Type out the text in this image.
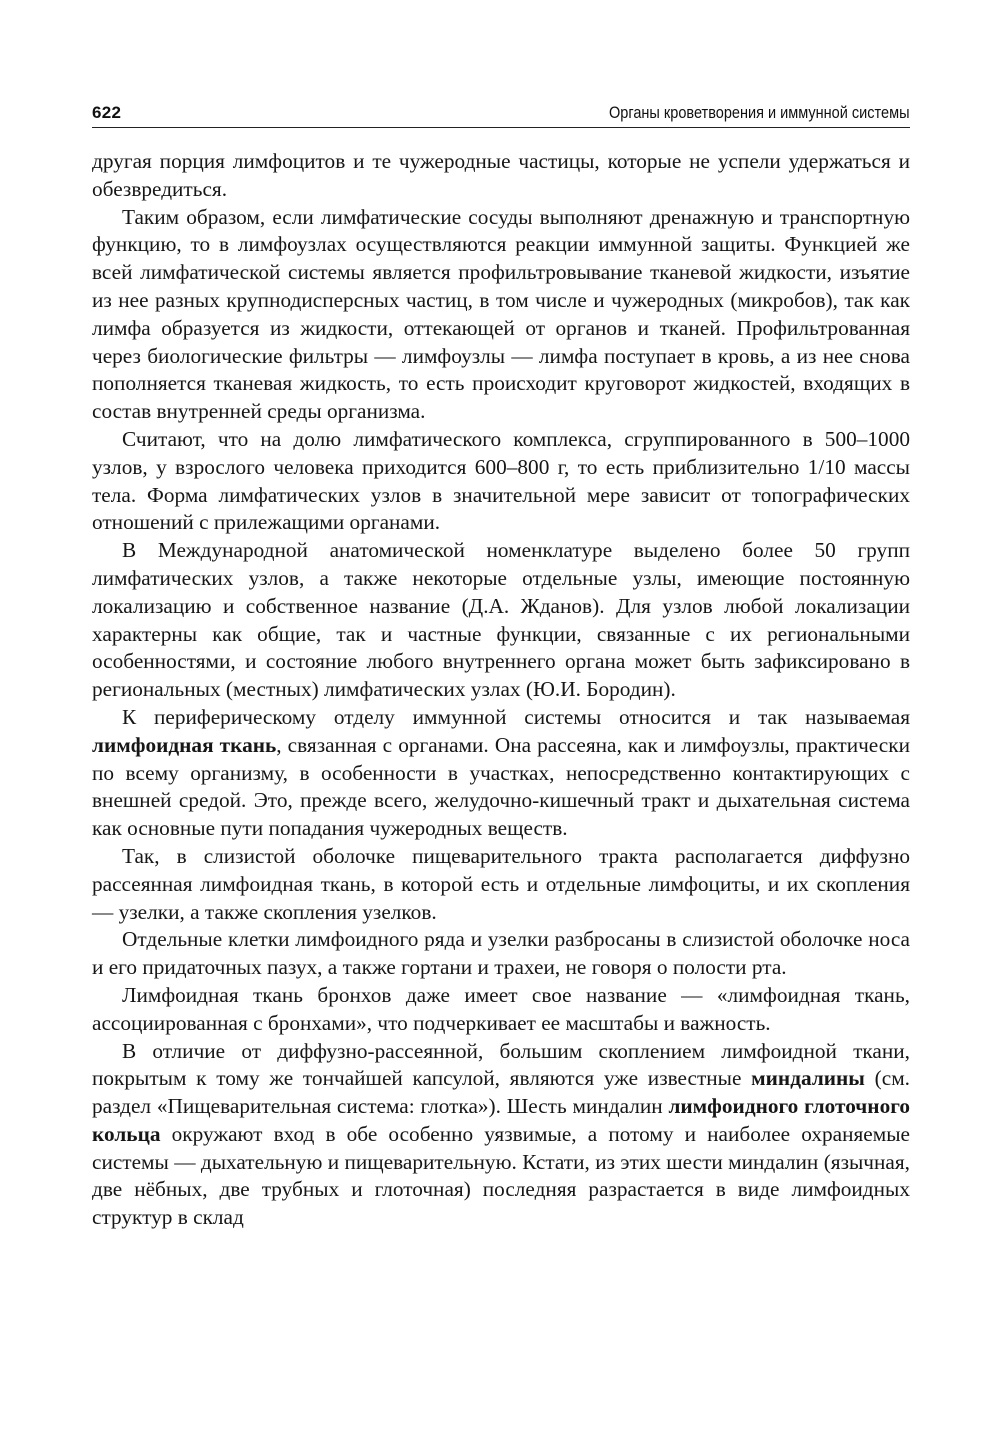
622	Органы кроветворения и иммунной системы

другая порция лимфоцитов и те чужеродные частицы, которые не успели удержаться и обезвредиться.

Таким образом, если лимфатические сосуды выполняют дренажную и транспортную функцию, то в лимфоузлах осуществляются реакции иммунной защиты. Функцией же всей лимфатической системы является профильтровывание тканевой жидкости, изъятие из нее разных крупнодисперсных частиц, в том числе и чужеродных (микробов), так как лимфа образуется из жидкости, оттекающей от органов и тканей. Профильтрованная через биологические фильтры — лимфоузлы — лимфа поступает в кровь, а из нее снова пополняется тканевая жидкость, то есть происходит круговорот жидкостей, входящих в состав внутренней среды организма.

Считают, что на долю лимфатического комплекса, сгруппированного в 500–1000 узлов, у взрослого человека приходится 600–800 г, то есть приблизительно 1/10 массы тела. Форма лимфатических узлов в значительной мере зависит от топографических отношений с прилежащими органами.

В Международной анатомической номенклатуре выделено более 50 групп лимфатических узлов, а также некоторые отдельные узлы, имеющие постоянную локализацию и собственное название (Д.А. Жданов). Для узлов любой локализации характерны как общие, так и частные функции, связанные с их региональными особенностями, и состояние любого внутреннего органа может быть зафиксировано в региональных (местных) лимфатических узлах (Ю.И. Бородин).

К периферическому отделу иммунной системы относится и так называемая лимфоидная ткань, связанная с органами. Она рассеяна, как и лимфоузлы, практически по всему организму, в особенности в участках, непосредственно контактирующих с внешней средой. Это, прежде всего, желудочно-кишечный тракт и дыхательная система как основные пути попадания чужеродных веществ.

Так, в слизистой оболочке пищеварительного тракта располагается диффузно рассеянная лимфоидная ткань, в которой есть и отдельные лимфоциты, и их скопления — узелки, а также скопления узелков.

Отдельные клетки лимфоидного ряда и узелки разбросаны в слизистой оболочке носа и его придаточных пазух, а также гортани и трахеи, не говоря о полости рта.

Лимфоидная ткань бронхов даже имеет свое название — «лимфоидная ткань, ассоциированная с бронхами», что подчеркивает ее масштабы и важность.

В отличие от диффузно-рассеянной, большим скоплением лимфоидной ткани, покрытым к тому же тончайшей капсулой, являются уже известные миндалины (см. раздел «Пищеварительная система: глотка»). Шесть миндалин лимфоидного глоточного кольца окружают вход в обе особенно уязвимые, а потому и наиболее охраняемые системы — дыхательную и пищеварительную. Кстати, из этих шести миндалин (язычная, две нёбных, две трубных и глоточная) последняя разрастается в виде лимфоидных структур в склад
